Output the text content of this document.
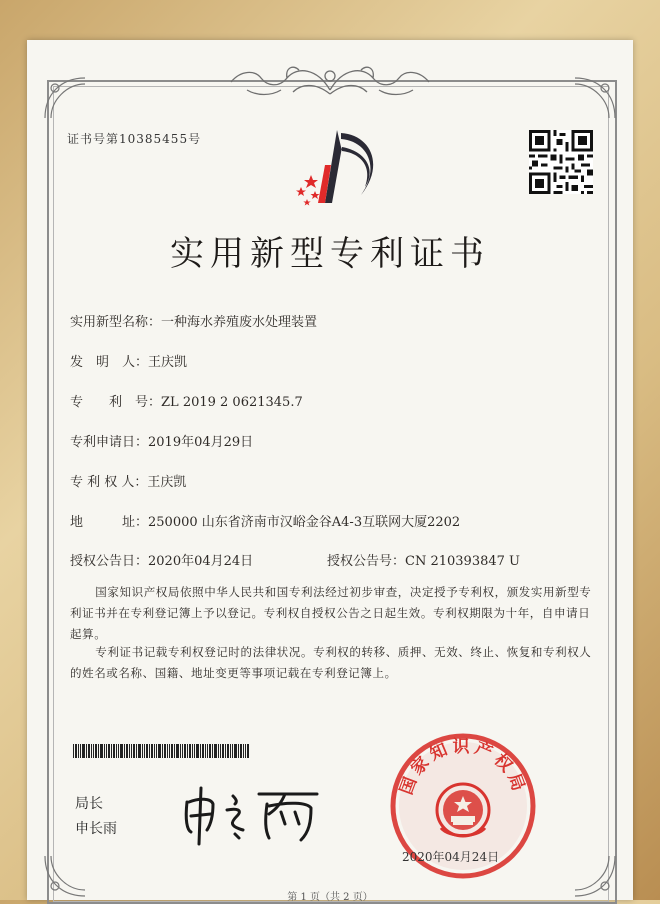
证书号第10385455号
实用新型专利证书
实用新型名称：一种海水养殖废水处理装置
发　明　人：王庆凯
专　　利　号：ZL 2019 2 0621345.7
专利申请日：2019年04月29日
专 利 权 人：王庆凯
地　　　址：250000 山东省济南市汉峪金谷A4-3互联网大厦2202
授权公告日：2020年04月24日	授权公告号：CN 210393847 U
国家知识产权局依照中华人民共和国专利法经过初步审查，决定授予专利权，颁发实用新型专利证书并在专利登记簿上予以登记。专利权自授权公告之日起生效。专利权期限为十年，自申请日起算。
专利证书记载专利权登记时的法律状况。专利权的转移、质押、无效、终止、恢复和专利权人的姓名或名称、国籍、地址变更等事项记载在专利登记簿上。
局长
申长雨
国家知识产权局
2020年04月24日
第 1 页（共 2 页）
